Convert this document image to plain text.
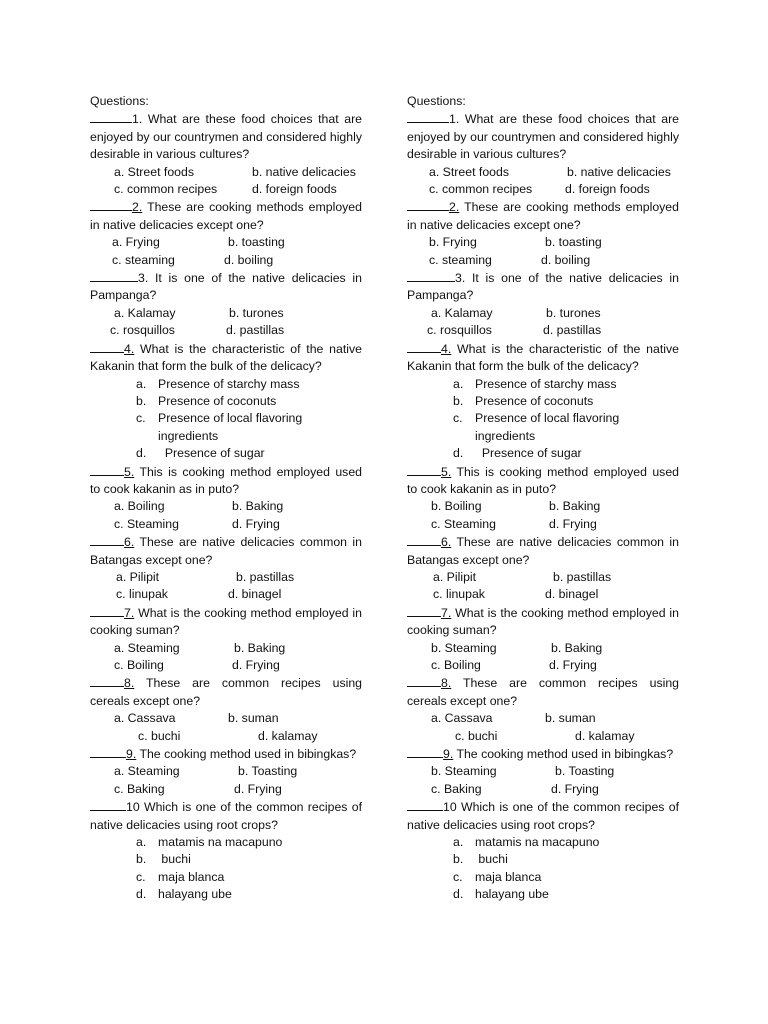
Questions:

1. What are these food choices that are enjoyed by our countrymen and considered highly desirable in various cultures?

a. Street foods	b. native delicacies
c. common recipes	d. foreign foods

2. These are cooking methods employed in native delicacies except one?

a. Frying	b. toasting
c. steaming	d. boiling

3. It is one of the native delicacies in Pampanga?

a. Kalamay	b. turones
c. rosquillos	d. pastillas

4. What is the characteristic of the native Kakanin that form the bulk of the delicacy?

a. Presence of starchy mass
b. Presence of coconuts
c.	Presence of local flavoring ingredients
d. Presence of sugar

5. This is cooking method employed used to cook kakanin as in puto?

a. Boiling	b. Baking
c. Steaming	d. Frying

6. These are native delicacies common in Batangas except one?

a. Pilipit	b. pastillas
c. linupak	d. binagel

7. What is the cooking method employed in cooking suman?

a. Steaming	b. Baking
c. Boiling	d. Frying

8. These are common recipes using cereals except one?

a. Cassava	b. suman
c. buchi	d. kalamay

9. The cooking method used in bibingkas?

a. Steaming	b. Toasting
c. Baking	d. Frying

10 Which is one of the common recipes of native delicacies using root crops?

a. matamis na macapuno
b. buchi
c.	maja blanca
d. halayang ube

Questions:

1. What are these food choices that are enjoyed by our countrymen and considered highly desirable in various cultures?

a. Street foods	b. native delicacies
c. common recipes	d. foreign foods

2. These are cooking methods employed in native delicacies except one?

b. Frying	b. toasting
c. steaming	d. boiling

3. It is one of the native delicacies in Pampanga?

a. Kalamay	b. turones
c. rosquillos	d. pastillas

4. What is the characteristic of the native Kakanin that form the bulk of the delicacy?

a. Presence of starchy mass
b. Presence of coconuts
c.	Presence of local flavoring ingredients
d. Presence of sugar

5. This is cooking method employed used to cook kakanin as in puto?

b. Boiling	b. Baking
c. Steaming	d. Frying

6. These are native delicacies common in Batangas except one?

a. Pilipit	b. pastillas
c. linupak	d. binagel

7. What is the cooking method employed in cooking suman?

b. Steaming	b. Baking
c. Boiling	d. Frying

8. These are common recipes using cereals except one?

a. Cassava	b. suman
c. buchi	d. kalamay

9. The cooking method used in bibingkas?

b. Steaming	b. Toasting
c. Baking	d. Frying

10 Which is one of the common recipes of native delicacies using root crops?

a. matamis na macapuno
b. buchi
c.	maja blanca
d. halayang ube
